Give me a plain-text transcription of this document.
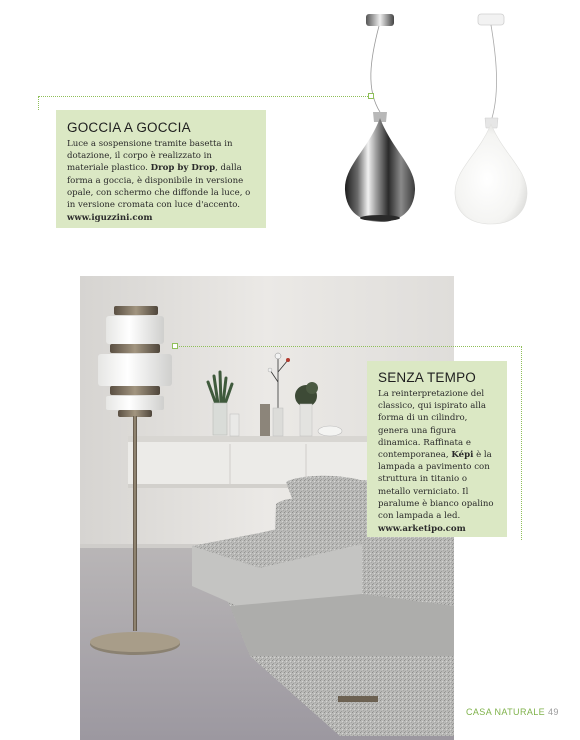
GOCCIA A GOCCIA

Luce a sospensione tramite basetta in dotazione, il corpo è realizzato in materiale plastico. Drop by Drop, dalla forma a goccia, è disponibile in versione opale, con schermo che diffonde la luce, o in versione cromata con luce d'accento.

www.iguzzini.com
SENZA TEMPO

La reinterpretazione del classico, qui ispirato alla forma di un cilindro, genera una figura dinamica. Raffinata e contemporanea, Képi è la lampada a pavimento con struttura in titanio o metallo verniciato. Il paralume è bianco opalino con lampada a led.

www.arketipo.com
CASA NATURALE 49
